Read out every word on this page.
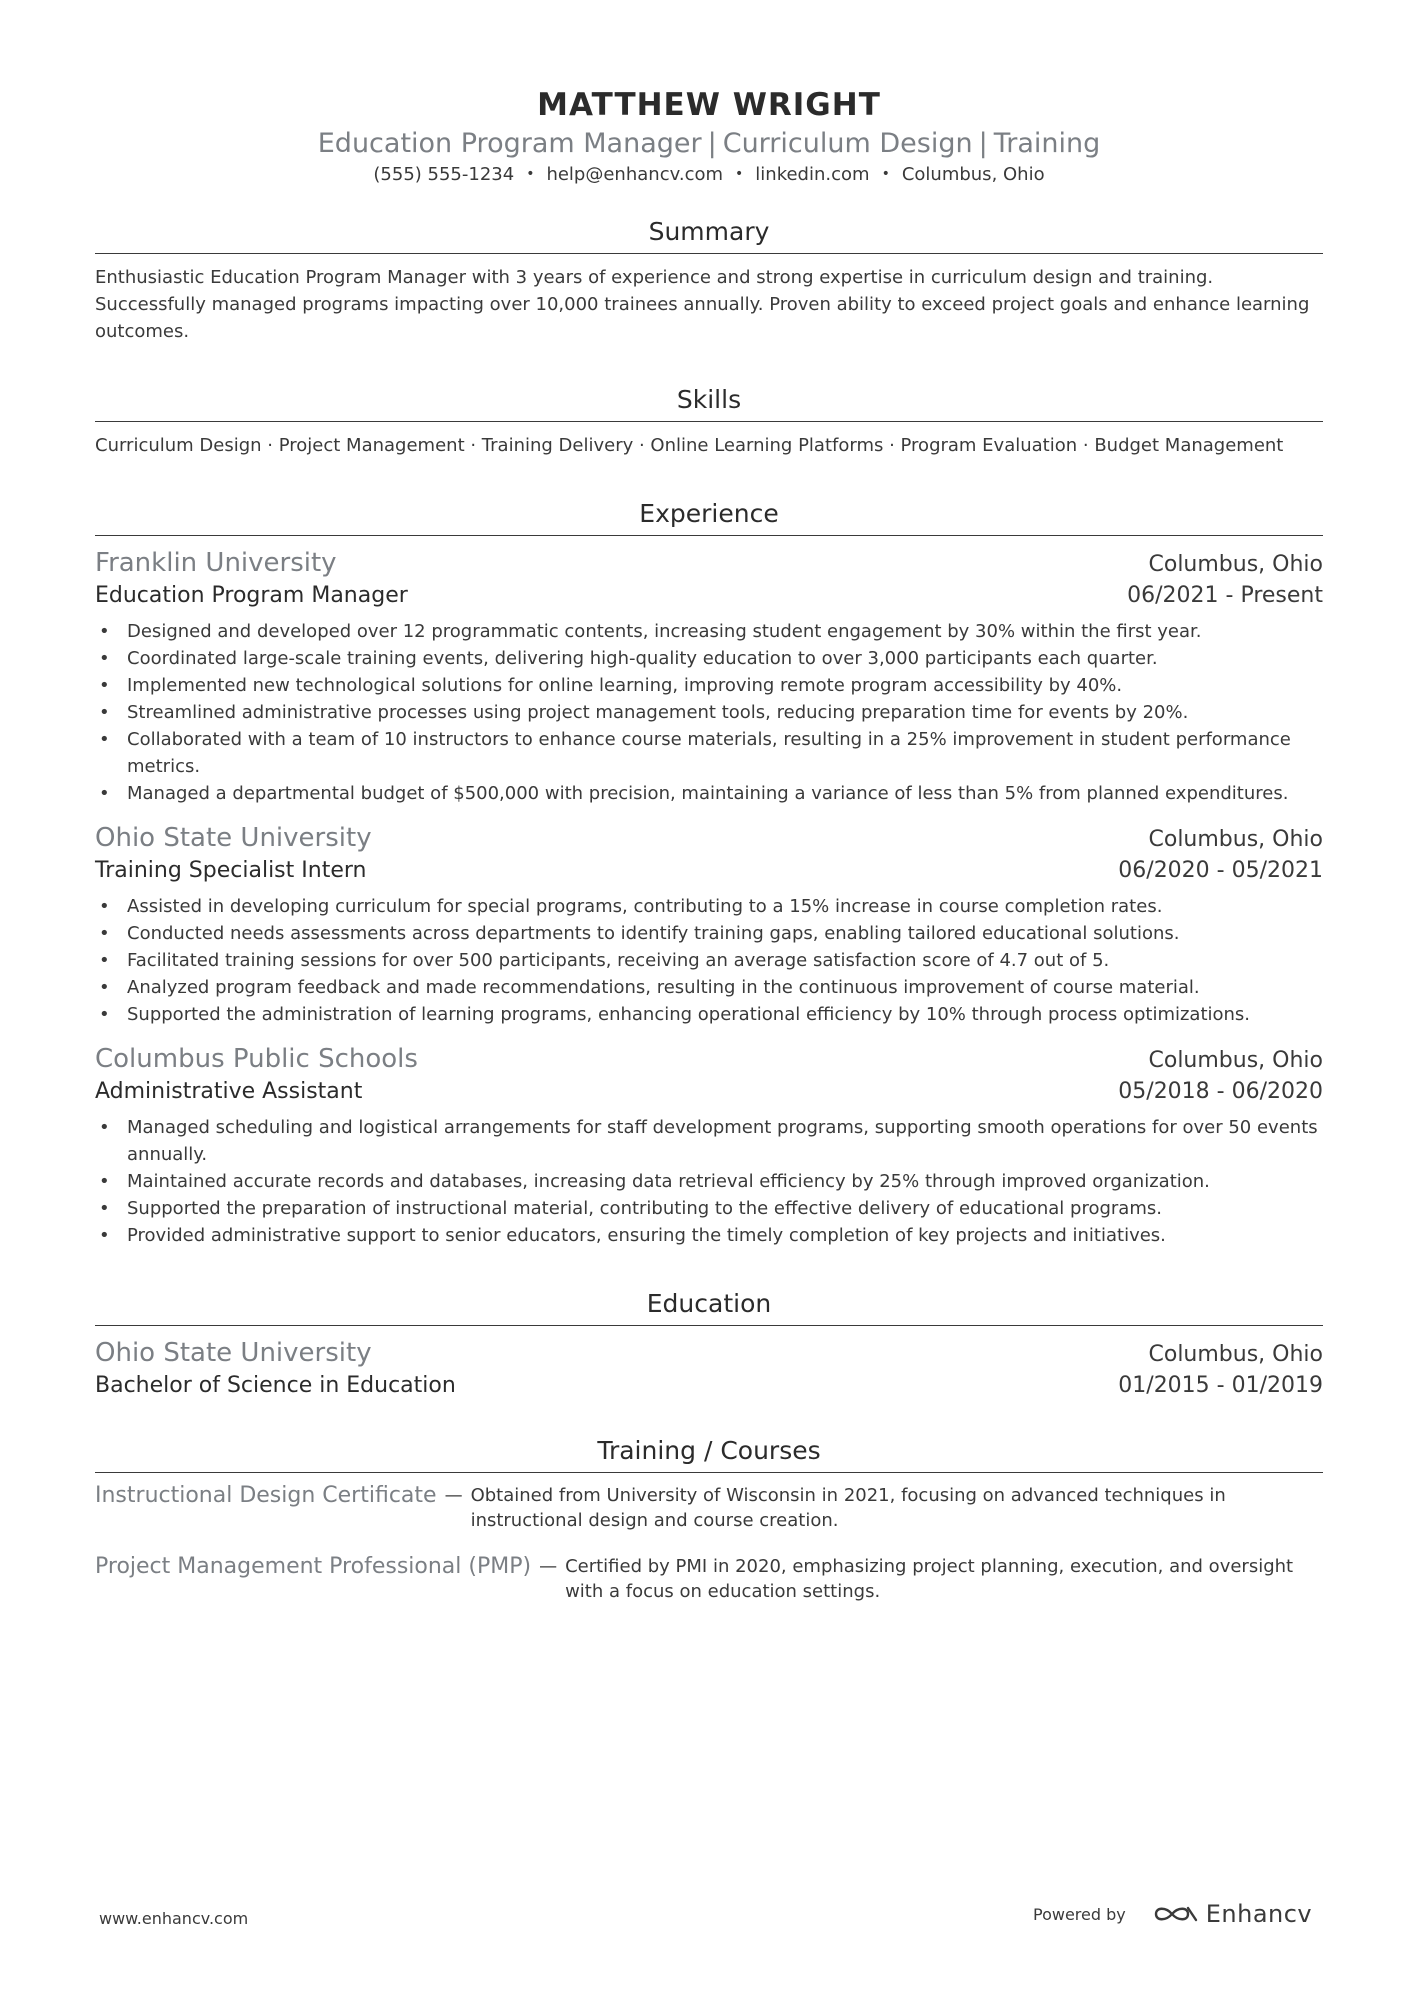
MATTHEW WRIGHT
Education Program Manager | Curriculum Design | Training
(555) 555-1234 • help@enhancv.com • linkedin.com • Columbus, Ohio
Summary
Enthusiastic Education Program Manager with 3 years of experience and strong expertise in curriculum design and training. Successfully managed programs impacting over 10,000 trainees annually. Proven ability to exceed project goals and enhance learning outcomes.
Skills
Curriculum Design · Project Management · Training Delivery · Online Learning Platforms · Program Evaluation · Budget Management
Experience
Franklin University	Columbus, Ohio
Education Program Manager	06/2021 - Present
• Designed and developed over 12 programmatic contents, increasing student engagement by 30% within the first year.
• Coordinated large-scale training events, delivering high-quality education to over 3,000 participants each quarter.
• Implemented new technological solutions for online learning, improving remote program accessibility by 40%.
• Streamlined administrative processes using project management tools, reducing preparation time for events by 20%.
• Collaborated with a team of 10 instructors to enhance course materials, resulting in a 25% improvement in student performance metrics.
• Managed a departmental budget of $500,000 with precision, maintaining a variance of less than 5% from planned expenditures.
Ohio State University	Columbus, Ohio
Training Specialist Intern	06/2020 - 05/2021
• Assisted in developing curriculum for special programs, contributing to a 15% increase in course completion rates.
• Conducted needs assessments across departments to identify training gaps, enabling tailored educational solutions.
• Facilitated training sessions for over 500 participants, receiving an average satisfaction score of 4.7 out of 5.
• Analyzed program feedback and made recommendations, resulting in the continuous improvement of course material.
• Supported the administration of learning programs, enhancing operational efficiency by 10% through process optimizations.
Columbus Public Schools	Columbus, Ohio
Administrative Assistant	05/2018 - 06/2020
• Managed scheduling and logistical arrangements for staff development programs, supporting smooth operations for over 50 events annually.
• Maintained accurate records and databases, increasing data retrieval efficiency by 25% through improved organization.
• Supported the preparation of instructional material, contributing to the effective delivery of educational programs.
• Provided administrative support to senior educators, ensuring the timely completion of key projects and initiatives.
Education
Ohio State University	Columbus, Ohio
Bachelor of Science in Education	01/2015 - 01/2019
Training / Courses
Instructional Design Certificate — Obtained from University of Wisconsin in 2021, focusing on advanced techniques in instructional design and course creation.
Project Management Professional (PMP) — Certified by PMI in 2020, emphasizing project planning, execution, and oversight with a focus on education settings.
www.enhancv.com	Powered by	Enhancv
